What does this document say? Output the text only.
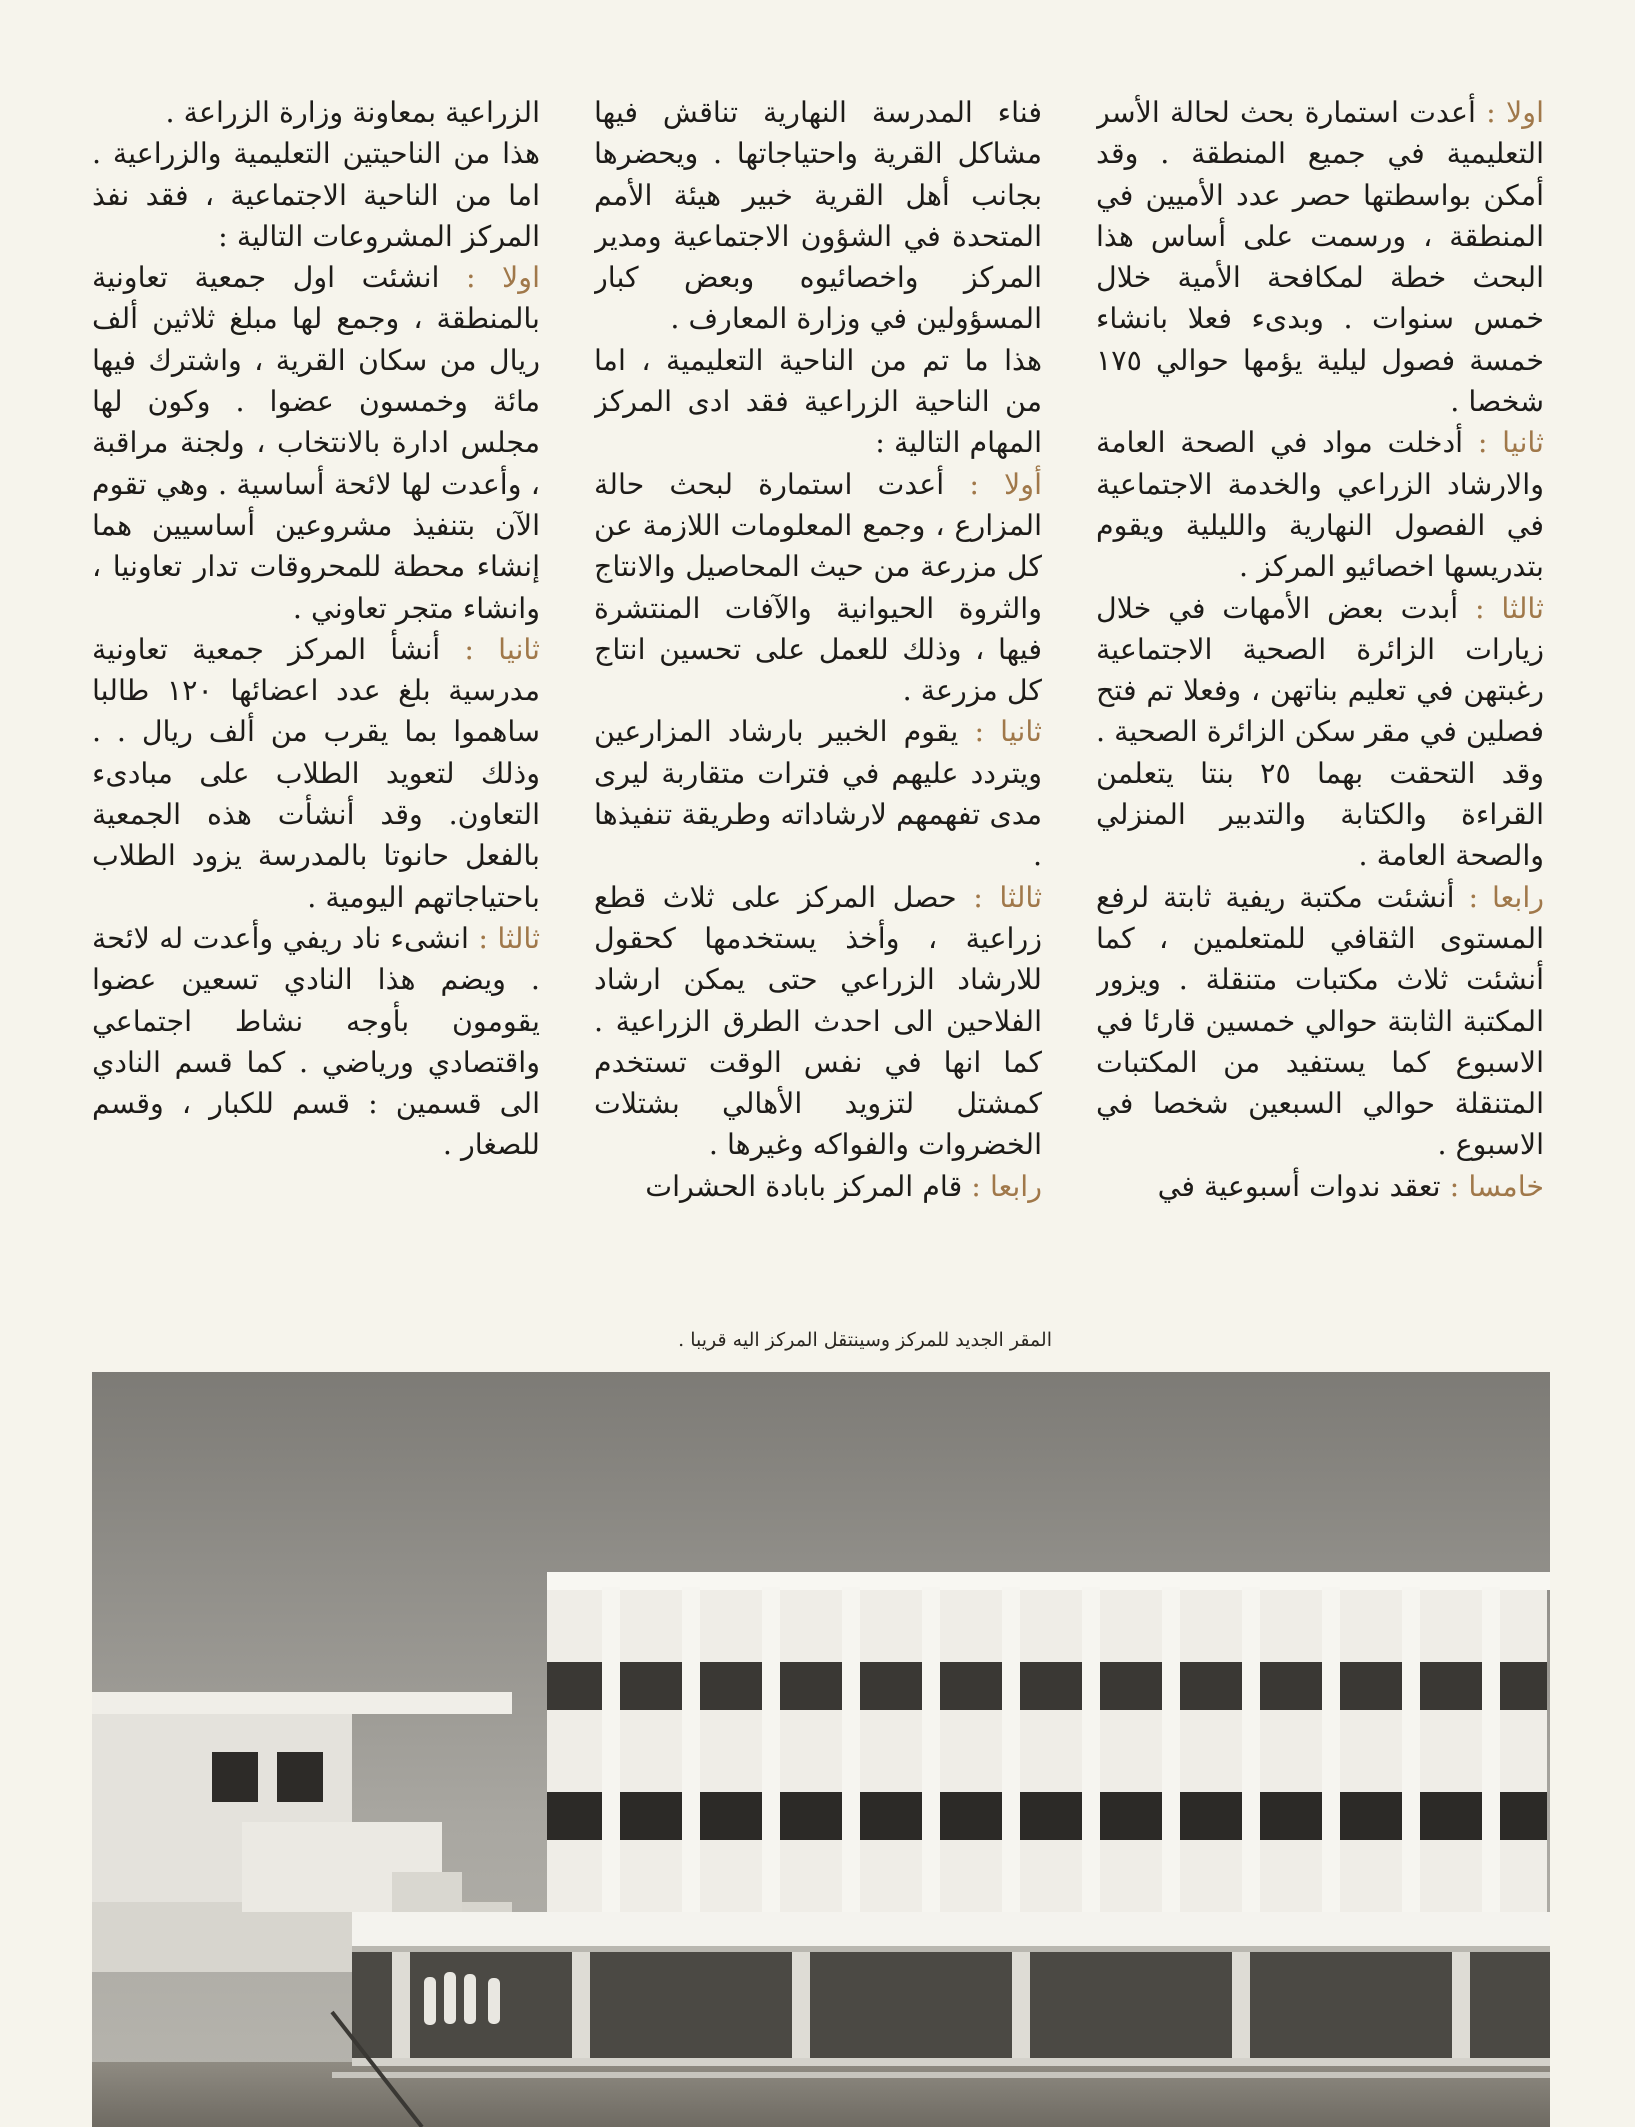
اولا : أعدت استمارة بحث لحالة الأسر التعليمية في جميع المنطقة . وقد أمكن بواسطتها حصر عدد الأميين في المنطقة ، ورسمت على أساس هذا البحث خطة لمكافحة الأمية خلال خمس سنوات . وبدىء فعلا بانشاء خمسة فصول ليلية يؤمها حوالي ١٧٥ شخصا .

ثانيا : أدخلت مواد في الصحة العامة والارشاد الزراعي والخدمة الاجتماعية في الفصول النهارية والليلية ويقوم بتدريسها اخصائيو المركز .

ثالثا : أبدت بعض الأمهات في خلال زيارات الزائرة الصحية الاجتماعية رغبتهن في تعليم بناتهن ، وفعلا تم فتح فصلين في مقر سكن الزائرة الصحية . وقد التحقت بهما ٢٥ بنتا يتعلمن القراءة والكتابة والتدبير المنزلي والصحة العامة .

رابعا : أنشئت مكتبة ريفية ثابتة لرفع المستوى الثقافي للمتعلمين ، كما أنشئت ثلاث مكتبات متنقلة . ويزور المكتبة الثابتة حوالي خمسين قارئا في الاسبوع كما يستفيد من المكتبات المتنقلة حوالي السبعين شخصا في الاسبوع .

خامسا : تعقد ندوات أسبوعية في

فناء المدرسة النهارية تناقش فيها مشاكل القرية واحتياجاتها . ويحضرها بجانب أهل القرية خبير هيئة الأمم المتحدة في الشؤون الاجتماعية ومدير المركز واخصائيوه وبعض كبار المسؤولين في وزارة المعارف .

هذا ما تم من الناحية التعليمية ، اما من الناحية الزراعية فقد ادى المركز المهام التالية :

أولا : أعدت استمارة لبحث حالة المزارع ، وجمع المعلومات اللازمة عن كل مزرعة من حيث المحاصيل والانتاج والثروة الحيوانية والآفات المنتشرة فيها ، وذلك للعمل على تحسين انتاج كل مزرعة .

ثانيا : يقوم الخبير بارشاد المزارعين ويتردد عليهم في فترات متقاربة ليرى مدى تفهمهم لارشاداته وطريقة تنفيذها .

ثالثا : حصل المركز على ثلاث قطع زراعية ، وأخذ يستخدمها كحقول للارشاد الزراعي حتى يمكن ارشاد الفلاحين الى احدث الطرق الزراعية . كما انها في نفس الوقت تستخدم كمشتل لتزويد الأهالي بشتلات الخضروات والفواكه وغيرها .

رابعا : قام المركز بابادة الحشرات

الزراعية بمعاونة وزارة الزراعة .

هذا من الناحيتين التعليمية والزراعية . اما من الناحية الاجتماعية ، فقد نفذ المركز المشروعات التالية :

اولا : انشئت اول جمعية تعاونية بالمنطقة ، وجمع لها مبلغ ثلاثين ألف ريال من سكان القرية ، واشترك فيها مائة وخمسون عضوا . وكون لها مجلس ادارة بالانتخاب ، ولجنة مراقبة ، وأعدت لها لائحة أساسية . وهي تقوم الآن بتنفيذ مشروعين أساسيين هما إنشاء محطة للمحروقات تدار تعاونيا ، وانشاء متجر تعاوني .

ثانيا : أنشأ المركز جمعية تعاونية مدرسية بلغ عدد اعضائها ١٢٠ طالبا ساهموا بما يقرب من ألف ريال . . وذلك لتعويد الطلاب على مبادىء التعاون. وقد أنشأت هذه الجمعية بالفعل حانوتا بالمدرسة يزود الطلاب باحتياجاتهم اليومية .

ثالثا : انشىء ناد ريفي وأعدت له لائحة . ويضم هذا النادي تسعين عضوا يقومون بأوجه نشاط اجتماعي واقتصادي ورياضي . كما قسم النادي الى قسمين : قسم للكبار ، وقسم للصغار .

المقر الجديد للمركز وسينتقل المركز اليه قريبا .
